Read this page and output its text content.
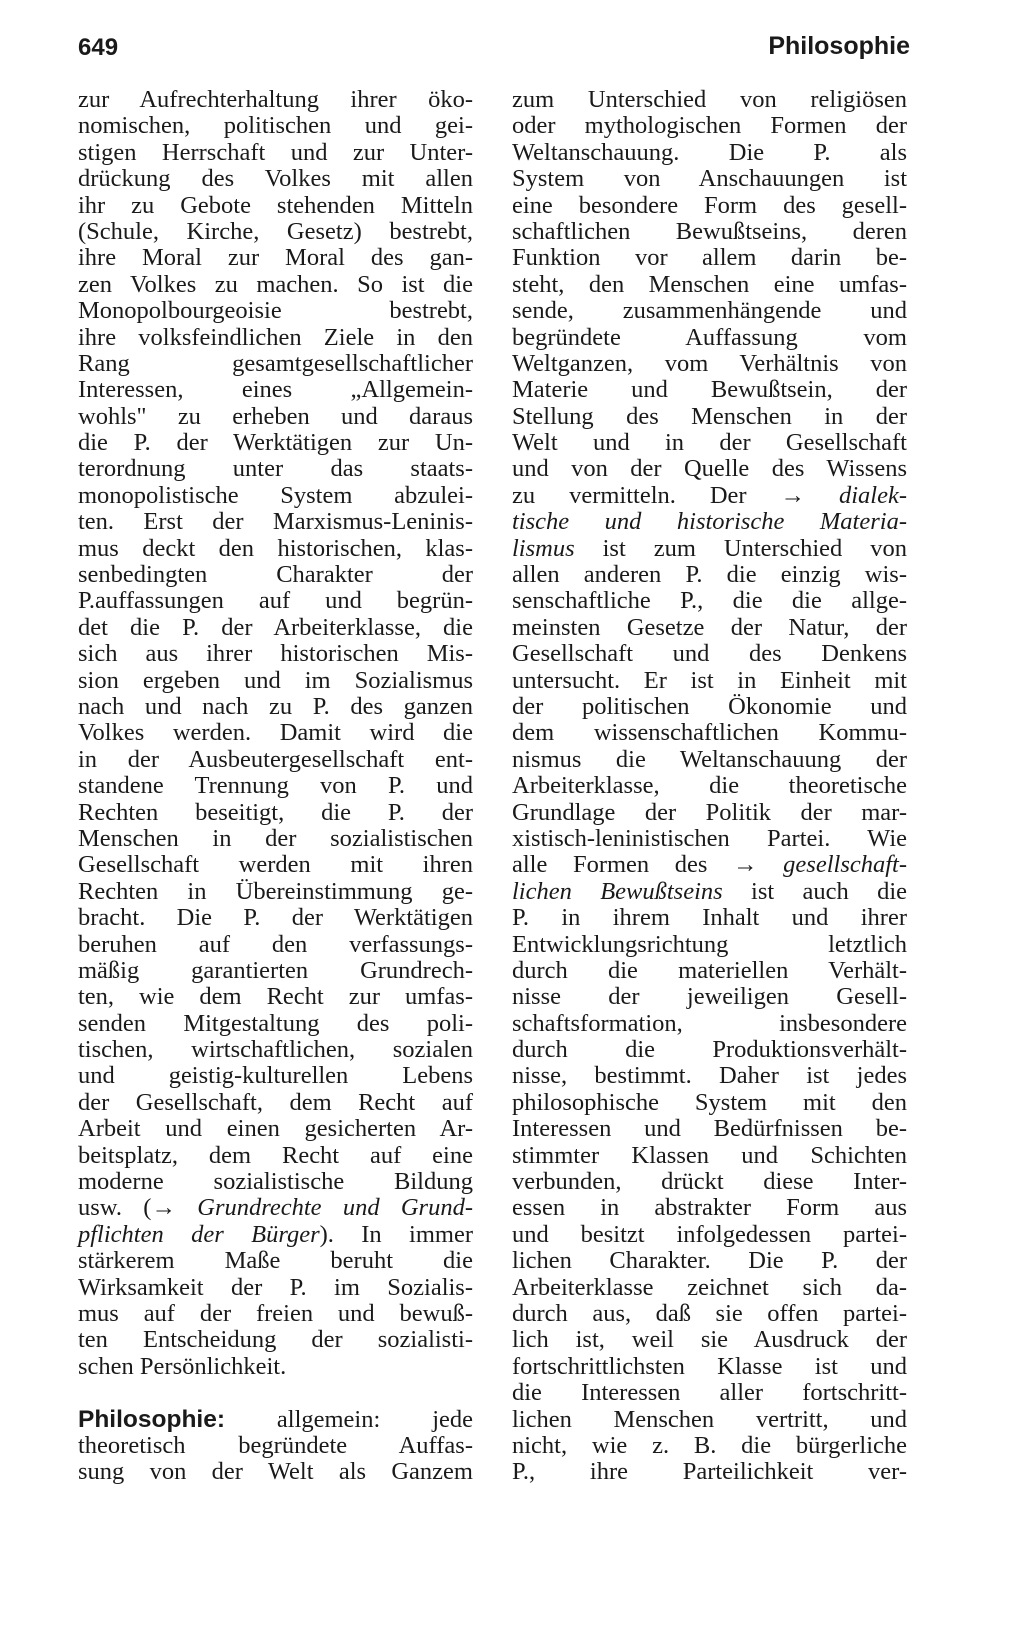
649	Philosophie
zur Aufrechterhaltung ihrer öko-
nomischen, politischen und gei-
stigen Herrschaft und zur Unter-
drückung des Volkes mit allen
ihr zu Gebote stehenden Mitteln
(Schule, Kirche, Gesetz) bestrebt,
ihre Moral zur Moral des gan-
zen Volkes zu machen. So ist die
Monopolbourgeoisie bestrebt,
ihre volksfeindlichen Ziele in den
Rang gesamtgesellschaftlicher
Interessen, eines „Allgemein-
wohls" zu erheben und daraus
die P. der Werktätigen zur Un-
terordnung unter das staats-
monopolistische System abzulei-
ten. Erst der Marxismus-Leninis-
mus deckt den historischen, klas-
senbedingten Charakter der
P.auffassungen auf und begrün-
det die P. der Arbeiterklasse, die
sich aus ihrer historischen Mis-
sion ergeben und im Sozialismus
nach und nach zu P. des ganzen
Volkes werden. Damit wird die
in der Ausbeutergesellschaft ent-
standene Trennung von P. und
Rechten beseitigt, die P. der
Menschen in der sozialistischen
Gesellschaft werden mit ihren
Rechten in Übereinstimmung ge-
bracht. Die P. der Werktätigen
beruhen auf den verfassungs-
mäßig garantierten Grundrech-
ten, wie dem Recht zur umfas-
senden Mitgestaltung des poli-
tischen, wirtschaftlichen, sozialen
und geistig-kulturellen Lebens
der Gesellschaft, dem Recht auf
Arbeit und einen gesicherten Ar-
beitsplatz, dem Recht auf eine
moderne sozialistische Bildung
usw. (→ Grundrechte und Grund-
pflichten der Bürger). In immer
stärkerem Maße beruht die
Wirksamkeit der P. im Sozialis-
mus auf der freien und bewuß-
ten Entscheidung der sozialisti-
schen Persönlichkeit.
Philosophie: allgemein: jede
theoretisch begründete Auffas-
sung von der Welt als Ganzem
zum Unterschied von religiösen
oder mythologischen Formen der
Weltanschauung. Die P. als
System von Anschauungen ist
eine besondere Form des gesell-
schaftlichen Bewußtseins, deren
Funktion vor allem darin be-
steht, den Menschen eine umfas-
sende, zusammenhängende und
begründete Auffassung vom
Weltganzen, vom Verhältnis von
Materie und Bewußtsein, der
Stellung des Menschen in der
Welt und in der Gesellschaft
und von der Quelle des Wissens
zu vermitteln. Der → dialek-
tische und historische Materia-
lismus ist zum Unterschied von
allen anderen P. die einzig wis-
senschaftliche P., die die allge-
meinsten Gesetze der Natur, der
Gesellschaft und des Denkens
untersucht. Er ist in Einheit mit
der politischen Ökonomie und
dem wissenschaftlichen Kommu-
nismus die Weltanschauung der
Arbeiterklasse, die theoretische
Grundlage der Politik der mar-
xistisch-leninistischen Partei. Wie
alle Formen des → gesellschaft-
lichen Bewußtseins ist auch die
P. in ihrem Inhalt und ihrer
Entwicklungsrichtung letztlich
durch die materiellen Verhält-
nisse der jeweiligen Gesell-
schaftsformation, insbesondere
durch die Produktionsverhält-
nisse, bestimmt. Daher ist jedes
philosophische System mit den
Interessen und Bedürfnissen be-
stimmter Klassen und Schichten
verbunden, drückt diese Inter-
essen in abstrakter Form aus
und besitzt infolgedessen partei-
lichen Charakter. Die P. der
Arbeiterklasse zeichnet sich da-
durch aus, daß sie offen partei-
lich ist, weil sie Ausdruck der
fortschrittlichsten Klasse ist und
die Interessen aller fortschritt-
lichen Menschen vertritt, und
nicht, wie z. B. die bürgerliche
P., ihre Parteilichkeit ver-
